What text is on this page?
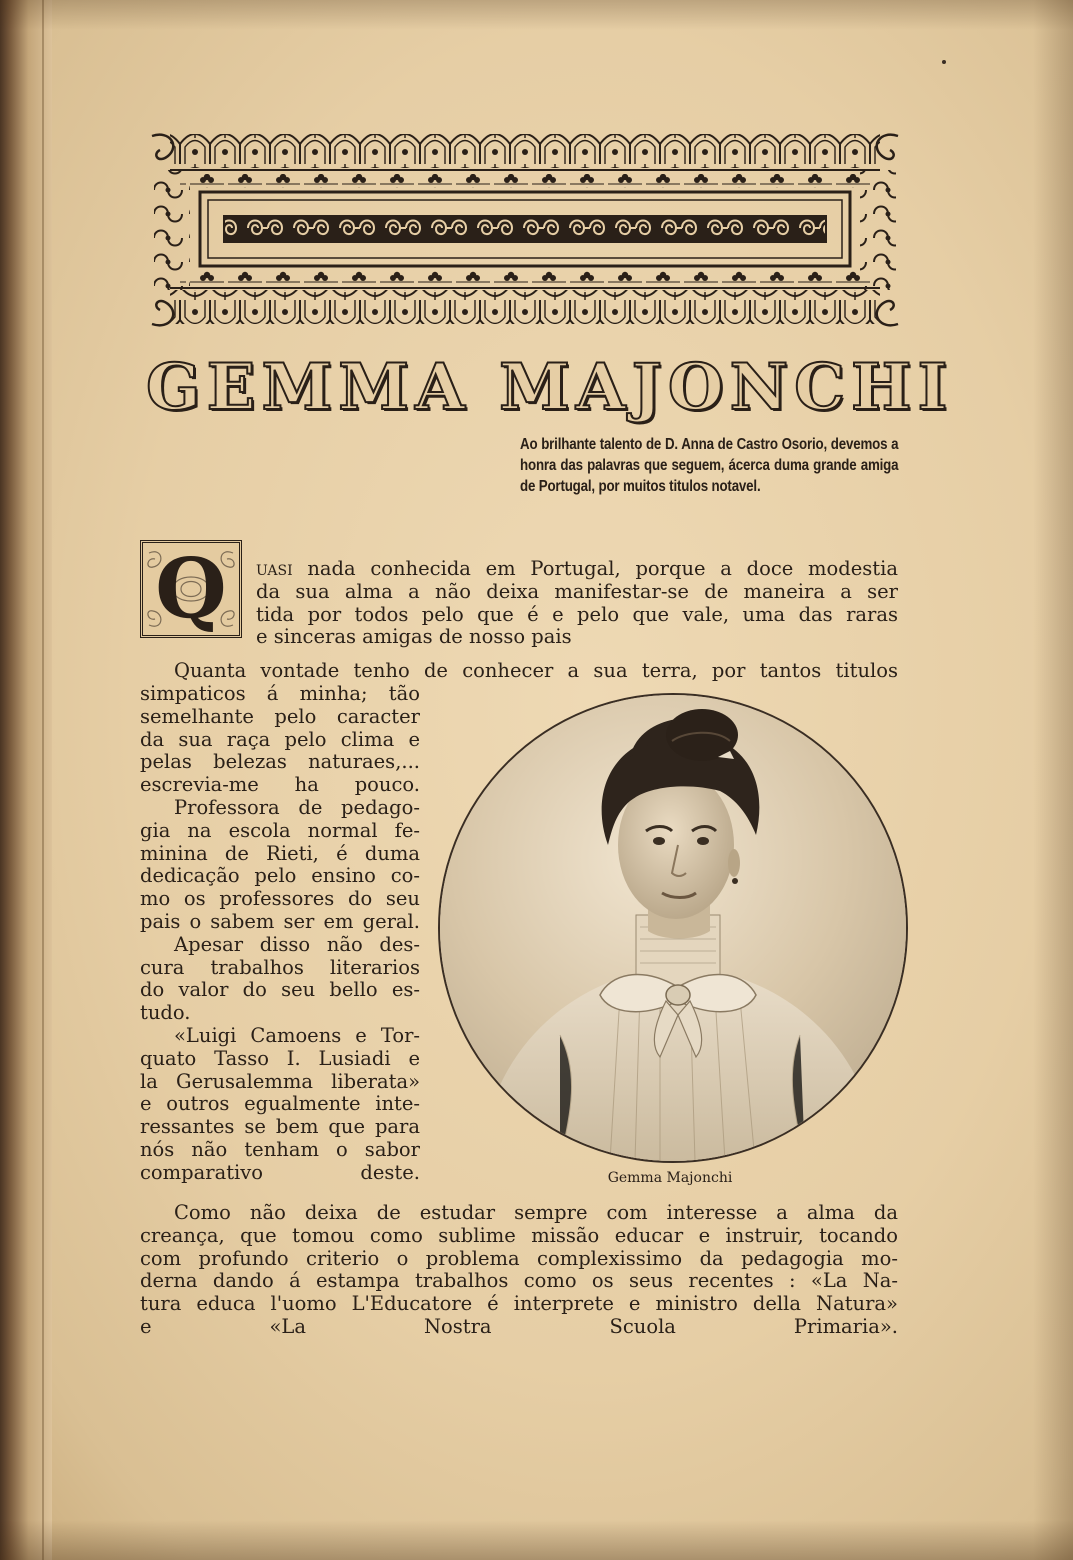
GEMMA MAJONCHI
Ao brilhante talento de D. Anna de Castro Osorio, devemos a honra das palavras que seguem, ácerca duma grande amiga de Portugal, por muitos titulos notavel.
Q	uasi nada conhecida em Portugal, porque a doce modestia
da sua alma a não deixa manifestar-se de maneira a ser
tida por todos pelo que é e pelo que vale, uma das raras
e sinceras amigas de nosso pais
Quanta vontade tenho de conhecer a sua terra, por tantos titulos
simpaticos á minha; tão
semelhante pelo caracter
da sua raça pelo clima e
pelas belezas naturaes,...
escrevia-me ha pouco.
Professora de pedago-
gia na escola normal fe-
minina de Rieti, é duma
dedicação pelo ensino co-
mo os professores do seu
pais o sabem ser em geral.
Apesar disso não des-
cura trabalhos literarios
do valor do seu bello es-
tudo.
«Luigi Camoens e Tor-
quato Tasso I. Lusiadi e
la Gerusalemma liberata»
e outros egualmente inte-
ressantes se bem que para
nós não tenham o sabor
comparativo deste.	Gemma Majonchi
Como não deixa de estudar sempre com interesse a alma da
creança, que tomou como sublime missão educar e instruir, tocando
com profundo criterio o problema complexissimo da pedagogia mo-
derna dando á estampa trabalhos como os seus recentes : «La Na-
tura educa l'uomo L'Educatore é interprete e ministro della Natura»
e «La Nostra Scuola Primaria».
